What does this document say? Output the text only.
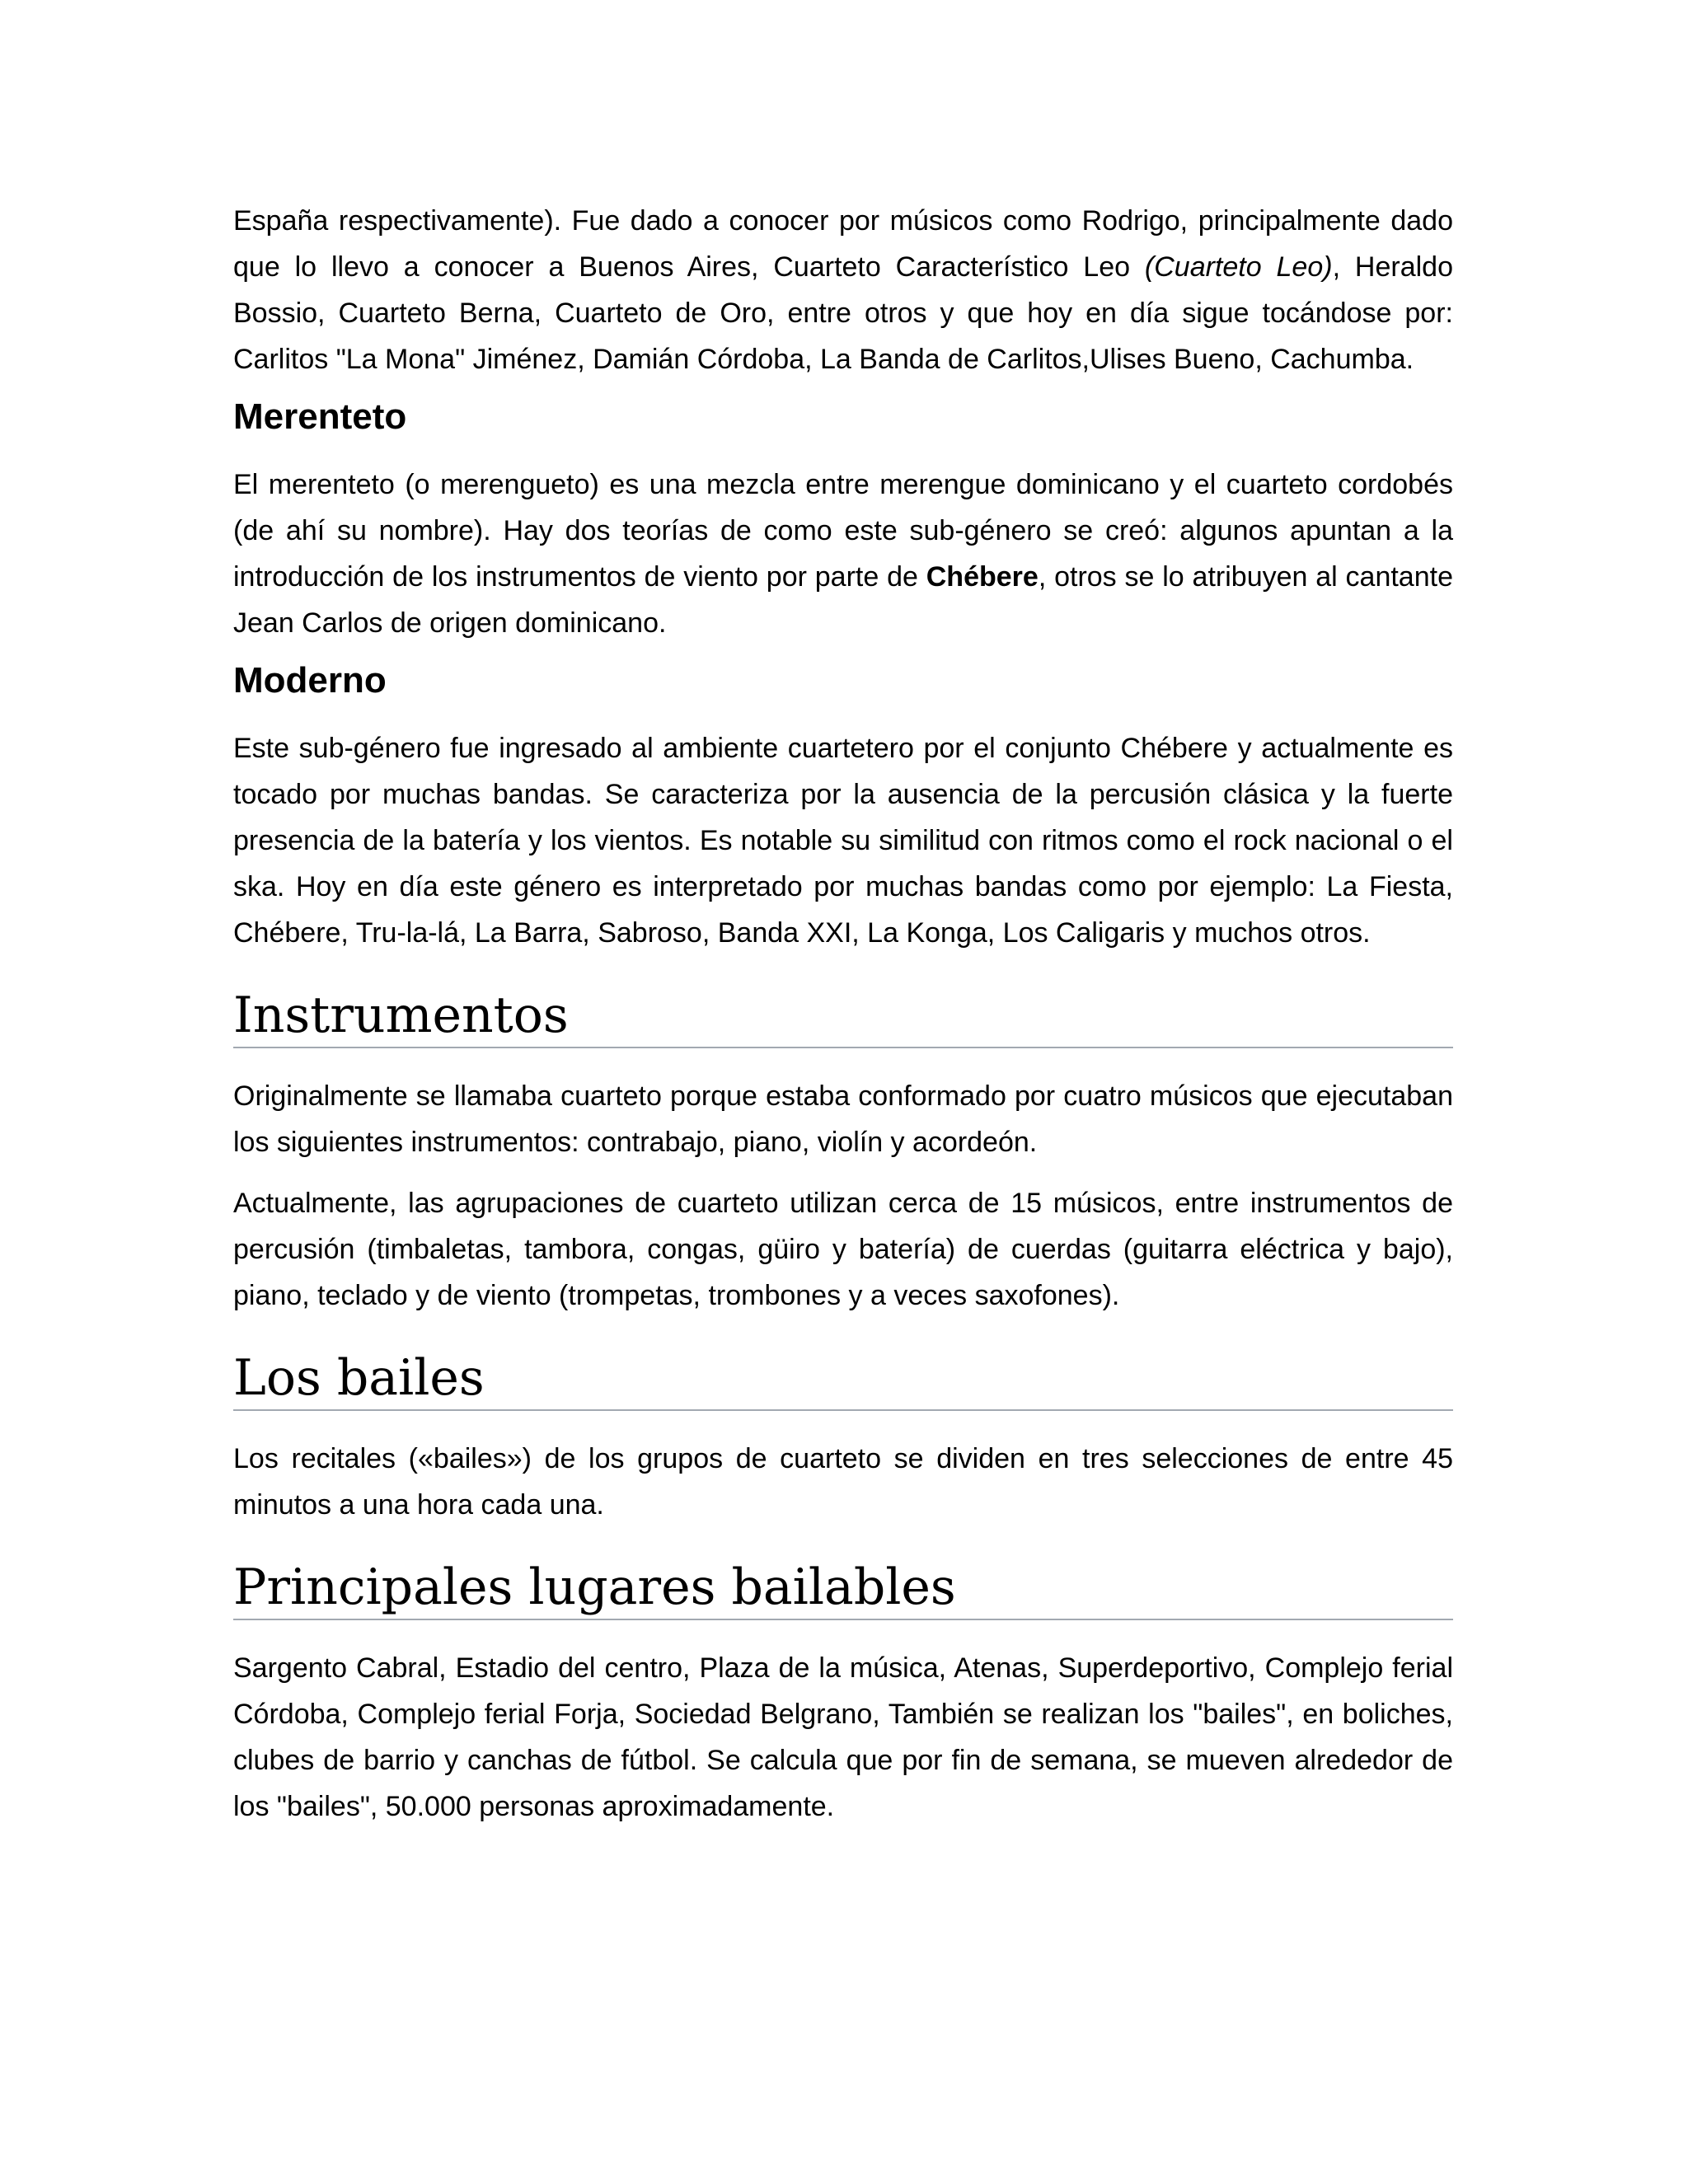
España respectivamente). Fue dado a conocer por músicos como Rodrigo, principalmente dado que lo llevo a conocer a Buenos Aires, Cuarteto Característico Leo (Cuarteto Leo), Heraldo Bossio, Cuarteto Berna, Cuarteto de Oro, entre otros y que hoy en día sigue tocándose por: Carlitos "La Mona" Jiménez, Damián Córdoba, La Banda de Carlitos,Ulises Bueno, Cachumba.

Merenteto

El merenteto (o merengueto) es una mezcla entre merengue dominicano y el cuarteto cordobés (de ahí su nombre). Hay dos teorías de como este sub-género se creó: algunos apuntan a la introducción de los instrumentos de viento por parte de Chébere, otros se lo atribuyen al cantante Jean Carlos de origen dominicano.

Moderno

Este sub-género fue ingresado al ambiente cuartetero por el conjunto Chébere y actualmente es tocado por muchas bandas. Se caracteriza por la ausencia de la percusión clásica y la fuerte presencia de la batería y los vientos. Es notable su similitud con ritmos como el rock nacional o el ska. Hoy en día este género es interpretado por muchas bandas como por ejemplo: La Fiesta, Chébere, Tru-la-lá, La Barra, Sabroso, Banda XXI, La Konga, Los Caligaris y muchos otros.

Instrumentos

Originalmente se llamaba cuarteto porque estaba conformado por cuatro músicos que ejecutaban los siguientes instrumentos: contrabajo, piano, violín y acordeón.

Actualmente, las agrupaciones de cuarteto utilizan cerca de 15 músicos, entre instrumentos de percusión (timbaletas, tambora, congas, güiro y batería) de cuerdas (guitarra eléctrica y bajo), piano, teclado y de viento (trompetas, trombones y a veces saxofones).

Los bailes

Los recitales («bailes») de los grupos de cuarteto se dividen en tres selecciones de entre 45 minutos a una hora cada una.

Principales lugares bailables

Sargento Cabral, Estadio del centro, Plaza de la música, Atenas, Superdeportivo, Complejo ferial Córdoba, Complejo ferial Forja, Sociedad Belgrano, También se realizan los "bailes", en boliches, clubes de barrio y canchas de fútbol. Se calcula que por fin de semana, se mueven alrededor de los "bailes", 50.000 personas aproximadamente.
